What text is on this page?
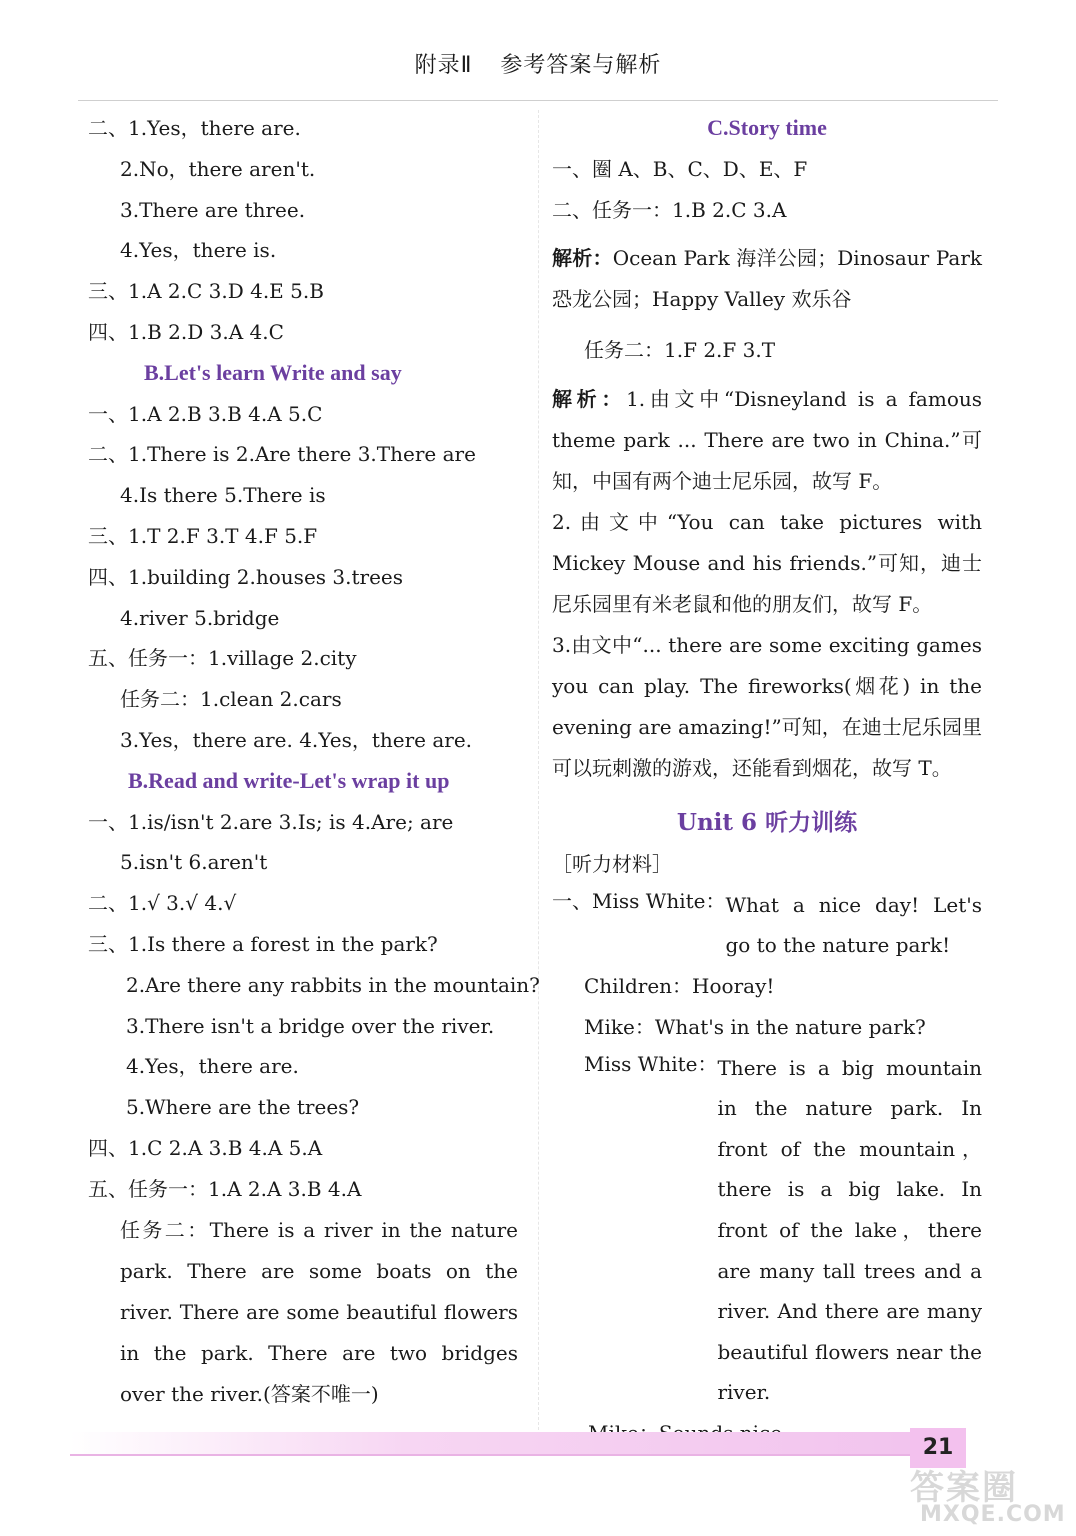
附录Ⅱ 参考答案与解析
二、1.Yes，there are.
2.No，there aren't.
3.There are three.
4.Yes，there is.
三、1.A 2.C 3.D 4.E 5.B
四、1.B 2.D 3.A 4.C
B.Let's learn Write and say
一、1.A 2.B 3.B 4.A 5.C
二、1.There is 2.Are there 3.There are
4.Is there 5.There is
三、1.T 2.F 3.T 4.F 5.F
四、1.building 2.houses 3.trees
4.river 5.bridge
五、任务一：1.village 2.city
任务二：1.clean 2.cars
3.Yes，there are. 4.Yes，there are.
B.Read and write-Let's wrap it up
一、1.is/isn't 2.are 3.Is; is 4.Are; are
5.isn't 6.aren't
二、1.√ 3.√ 4.√
三、1.Is there a forest in the park?
2.Are there any rabbits in the mountain?
3.There isn't a bridge over the river.
4.Yes，there are.
5.Where are the trees?
四、1.C 2.A 3.B 4.A 5.A
五、任务一：1.A 2.A 3.B 4.A
任务二：There is a river in the nature park. There are some boats on the river. There are some beautiful flowers in the park. There are two bridges over the river.(答案不唯一)
C.Story time
一、圈 A、B、C、D、E、F
二、任务一：1.B 2.C 3.A
解析：Ocean Park 海洋公园；Dinosaur Park 恐龙公园；Happy Valley 欢乐谷
任务二：1.F 2.F 3.T
解析：1.由文中“Disneyland is a famous theme park ... There are two in China.”可知，中国有两个迪士尼乐园，故写 F。
2.由文中“You can take pictures with Mickey Mouse and his friends.”可知，迪士尼乐园里有米老鼠和他的朋友们，故写 F。
3.由文中“... there are some exciting games you can play. The fireworks(烟花) in the evening are amazing!”可知，在迪士尼乐园里可以玩刺激的游戏，还能看到烟花，故写 T。
Unit 6 听力训练
［听力材料］
一、Miss White： What a nice day! Let's go to the nature park!
Children：Hooray!
Mike：What's in the nature park?
Miss White： There is a big mountain in the nature park. In front of the mountain，there is a big lake. In front of the lake，there are many tall trees and a river. And there are many beautiful flowers near the river.
21
答案圈
MXQE.COM
